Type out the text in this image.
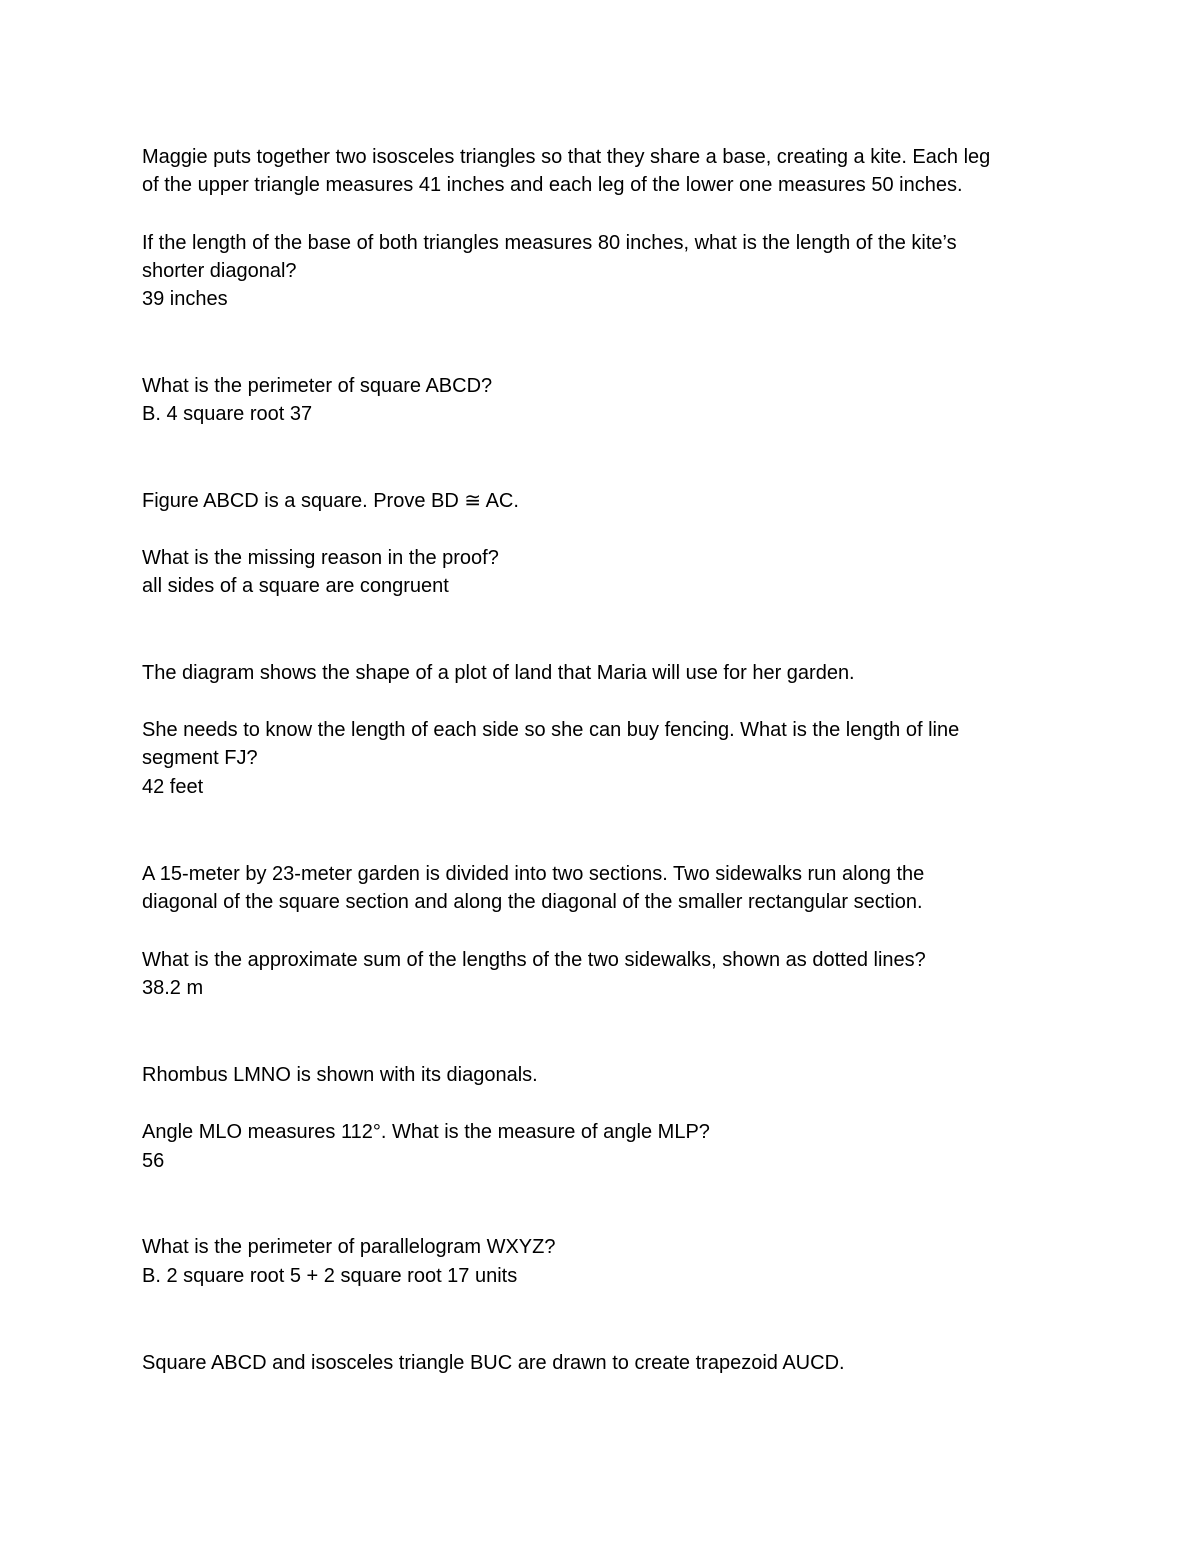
Maggie puts together two isosceles triangles so that they share a base, creating a kite. Each leg

of the upper triangle measures 41 inches and each leg of the lower one measures 50 inches.

If the length of the base of both triangles measures 80 inches, what is the length of the kite’s

shorter diagonal?

39 inches

What is the perimeter of square ABCD?

B. 4 square root 37

Figure ABCD is a square. Prove BD ≅ AC.

What is the missing reason in the proof?

all sides of a square are congruent

The diagram shows the shape of a plot of land that Maria will use for her garden.

She needs to know the length of each side so she can buy fencing. What is the length of line

segment FJ?

42 feet

A 15-meter by 23-meter garden is divided into two sections. Two sidewalks run along the

diagonal of the square section and along the diagonal of the smaller rectangular section.

What is the approximate sum of the lengths of the two sidewalks, shown as dotted lines?

38.2 m

Rhombus LMNO is shown with its diagonals.

Angle MLO measures 112°. What is the measure of angle MLP?

56

What is the perimeter of parallelogram WXYZ?

B. 2 square root 5 + 2 square root 17 units

Square ABCD and isosceles triangle BUC are drawn to create trapezoid AUCD.
